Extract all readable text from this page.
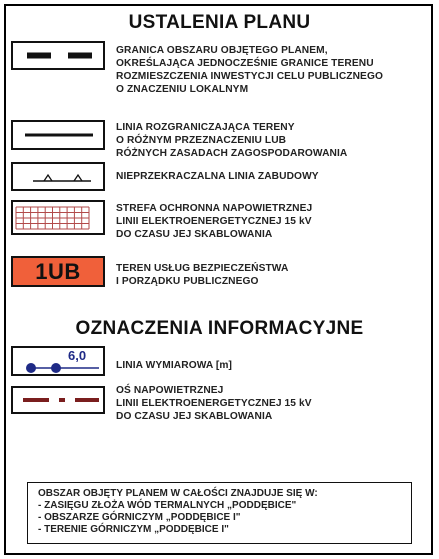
USTALENIA PLANU
GRANICA OBSZARU OBJĘTEGO PLANEM,
OKREŚLAJĄCA JEDNOCZEŚNIE GRANICE TERENU
ROZMIESZCZENIA INWESTYCJI CELU PUBLICZNEGO
O ZNACZENIU LOKALNYM
LINIA ROZGRANICZAJĄCA TERENY
O RÓŻNYM PRZEZNACZENIU LUB
RÓŻNYCH ZASADACH ZAGOSPODAROWANIA
NIEPRZEKRACZALNA LINIA ZABUDOWY
STREFA OCHRONNA NAPOWIETRZNEJ
LINII ELEKTROENERGETYCZNEJ 15 kV
DO CZASU JEJ SKABLOWANIA
1UB	TEREN USŁUG BEZPIECZEŃSTWA
I PORZĄDKU PUBLICZNEGO
OZNACZENIA INFORMACYJNE
6,0
LINIA WYMIAROWA [m]
OŚ NAPOWIETRZNEJ
LINII ELEKTROENERGETYCZNEJ 15 kV
DO CZASU JEJ SKABLOWANIA
OBSZAR OBJĘTY PLANEM W CAŁOŚCI ZNAJDUJE SIĘ W:
- ZASIĘGU ZŁOŻA WÓD TERMALNYCH „PODDĘBICE"
- OBSZARZE GÓRNICZYM „PODDĘBICE I"
- TERENIE GÓRNICZYM „PODDĘBICE I"
